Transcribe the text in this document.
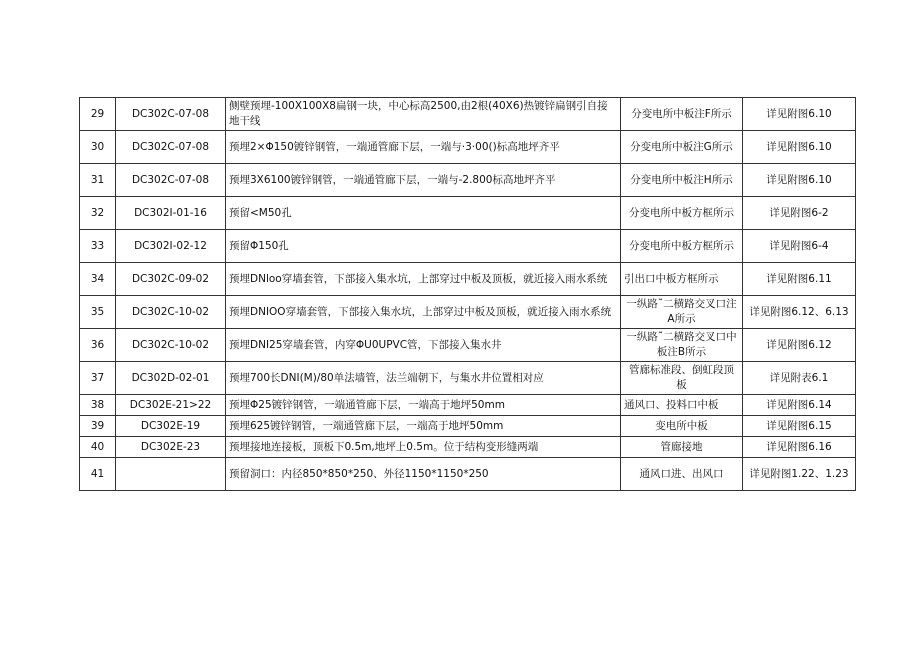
29	DC302C-07-08	侧壁预埋-100X100X8扁钢一块，中心标高2500,由2根(40X6)热镀锌扁钢引自接地干线	分变电所中板注F所示	详见附图6.10
30	DC302C-07-08	预埋2×Φ150镀锌钢管，一端通管廊下层，一端与·3·00()标高地坪齐平	分变电所中板注G所示	详见附图6.10
31	DC302C-07-08	预埋3X6100镀锌钢管，一端通管廊下层，一端与-2.800标高地坪齐平	分变电所中板注H所示	详见附图6.10
32	DC302I-01-16	预留<M50孔	分变电所中板方框所示	详见附图6-2
33	DC302I-02-12	预留Φ150孔	分变电所中板方框所示	详见附图6-4
34	DC302C-09-02	预埋DNloo穿墙套管，下部接入集水坑，上部穿过中板及顶板，就近接入雨水系统	引出口中板方框所示	详见附图6.11
35	DC302C-10-02	预埋DNIOO穿墙套管，下部接入集水坑，上部穿过中板及顶板，就近接入雨水系统	一纵路˜二横路交叉口注A所示	详见附图6.12、6.13
36	DC302C-10-02	预埋DNI25穿墙套管，内穿ΦU0UPVC管，下部接入集水井	一纵路˜二横路交叉口中板注B所示	详见附图6.12
37	DC302D-02-01	预埋700长DNI(M)/80单法墙管，法兰端朝下，与集水井位置相对应	管廊标准段、倒虹段顶板	详见附表6.1
38	DC302E-21>22	预埋Φ25镀锌钢管，一端通管廊下层，一端高于地坪50mm	通风口、投料口中板	详见附图6.14
39	DC302E-19	预埋625镀锌钢管，一端通管廊下层，一端高于地坪50mm	变电所中板	详见附图6.15
40	DC302E-23	预埋接地连接板，顶板下0.5m,地坪上0.5m。位于结构变形缝两端	管廊接地	详见附图6.16
41		预留洞口：内径850*850*250、外径1150*1150*250	通风口进、出风口	详见附图1.22、1.23
